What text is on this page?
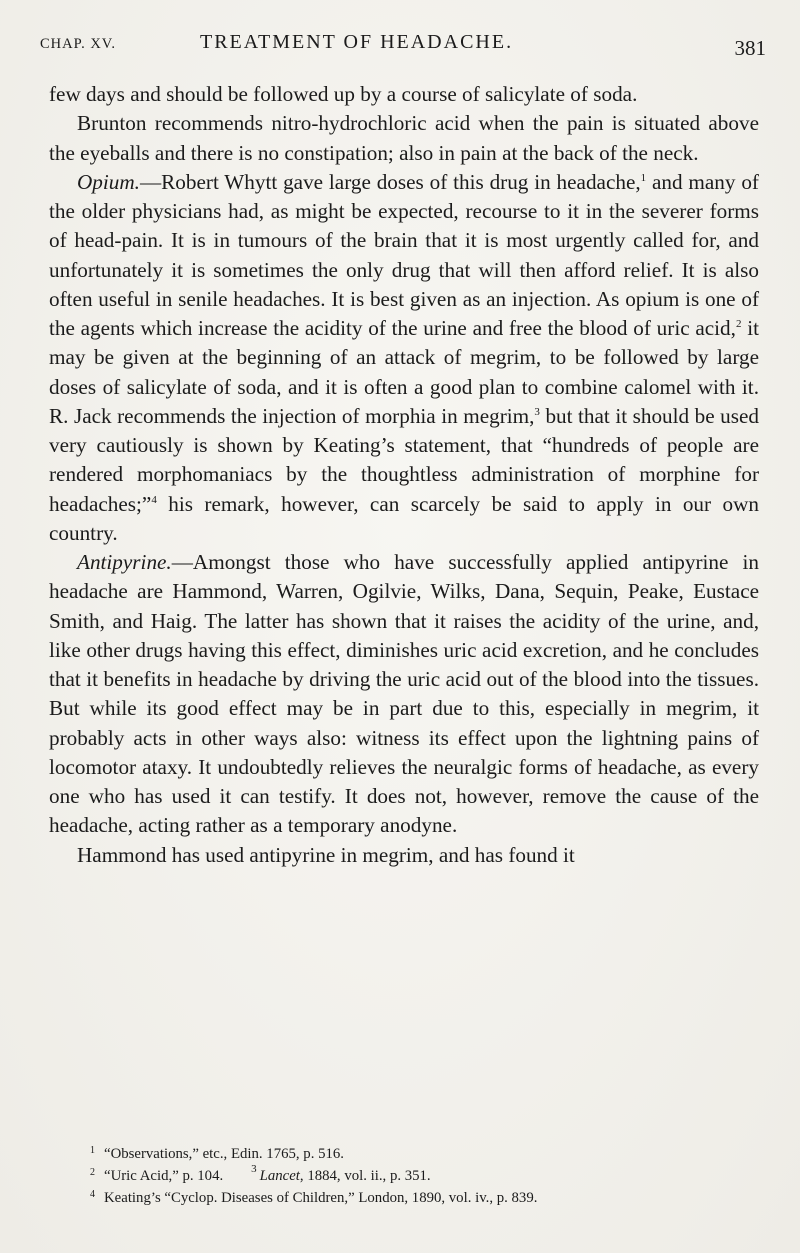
CHAP. XV.	TREATMENT OF HEADACHE.	381

few days and should be followed up by a course of salicylate of soda.

Brunton recommends nitro-hydrochloric acid when the pain is situated above the eyeballs and there is no constipation; also in pain at the back of the neck.

Opium.—Robert Whytt gave large doses of this drug in headache,$^1$ and many of the older physicians had, as might be expected, recourse to it in the severer forms of head-pain. It is in tumours of the brain that it is most urgently called for, and unfortunately it is sometimes the only drug that will then afford relief. It is also often useful in senile headaches. It is best given as an injection. As opium is one of the agents which increase the acidity of the urine and free the blood of uric acid,$^2$ it may be given at the beginning of an attack of megrim, to be followed by large doses of salicylate of soda, and it is often a good plan to combine calomel with it. R. Jack recommends the injection of morphia in megrim,$^3$ but that it should be used very cautiously is shown by Keating’s statement, that “hundreds of people are rendered morphomaniacs by the thoughtless administration of morphine for headaches;”$^4$ his remark, however, can scarcely be said to apply in our own country.

Antipyrine.—Amongst those who have successfully applied antipyrine in headache are Hammond, Warren, Ogilvie, Wilks, Dana, Sequin, Peake, Eustace Smith, and Haig. The latter has shown that it raises the acidity of the urine, and, like other drugs having this effect, diminishes uric acid excretion, and he concludes that it benefits in headache by driving the uric acid out of the blood into the tissues. But while its good effect may be in part due to this, especially in megrim, it probably acts in other ways also: witness its effect upon the lightning pains of locomotor ataxy. It undoubtedly relieves the neuralgic forms of headache, as every one who has used it can testify. It does not, however, remove the cause of the headache, acting rather as a temporary anodyne.

Hammond has used antipyrine in megrim, and has found it

1 “Observations,” etc., Edin. 1765, p. 516.
2 “Uric Acid,” p. 104.	$^3$  Lancet, 1884, vol. ii., p. 351.
4 Keating’s “Cyclop. Diseases of Children,” London, 1890, vol. iv., p. 839.
